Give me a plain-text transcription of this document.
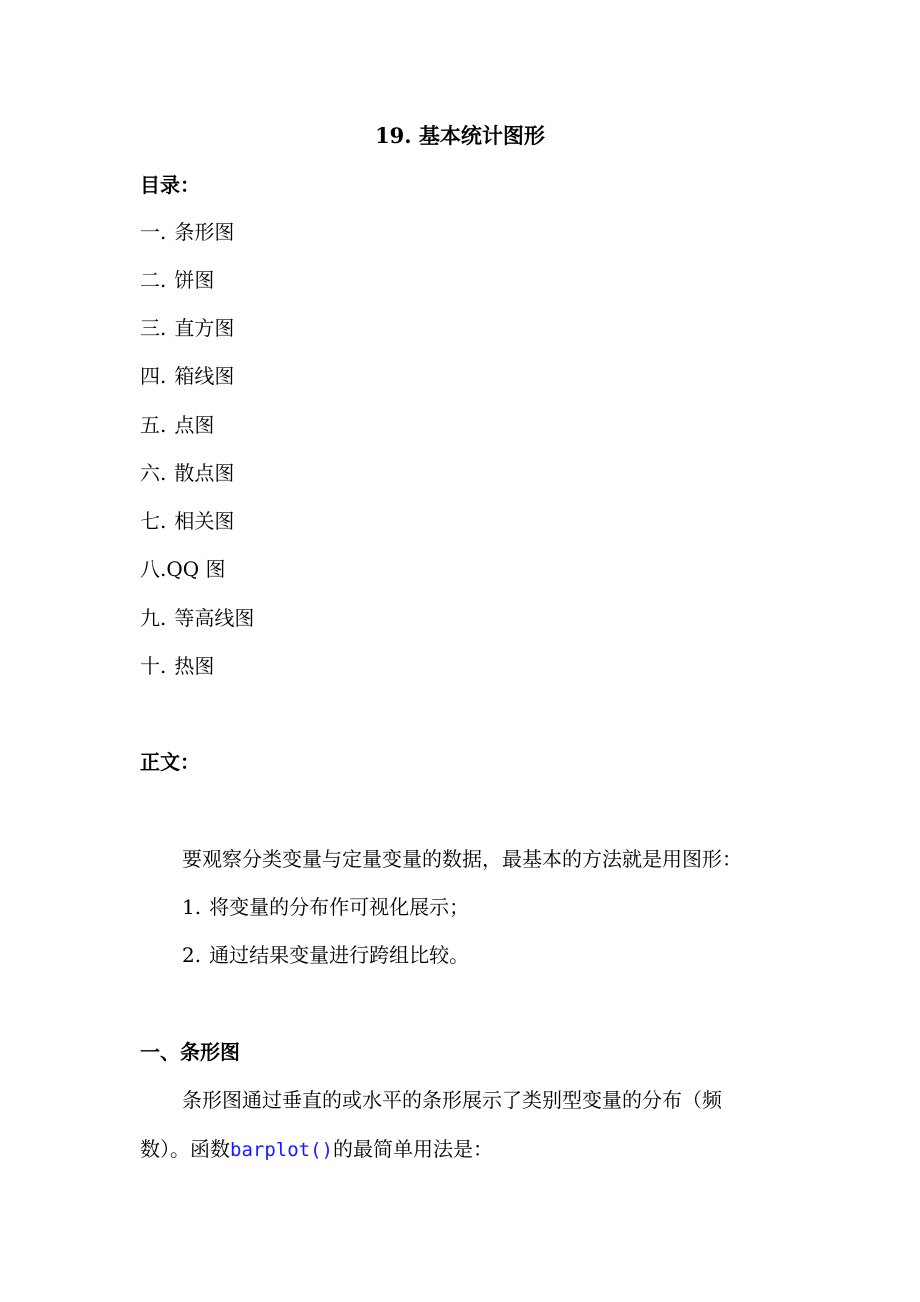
19. 基本统计图形
目录：
一. 条形图
二. 饼图
三. 直方图
四. 箱线图
五. 点图
六. 散点图
七. 相关图
八.QQ 图
九. 等高线图
十. 热图
正文：
要观察分类变量与定量变量的数据，最基本的方法就是用图形：
1. 将变量的分布作可视化展示；
2. 通过结果变量进行跨组比较。
一、条形图
条形图通过垂直的或水平的条形展示了类别型变量的分布（频
数）。函数barplot()的最简单用法是：
